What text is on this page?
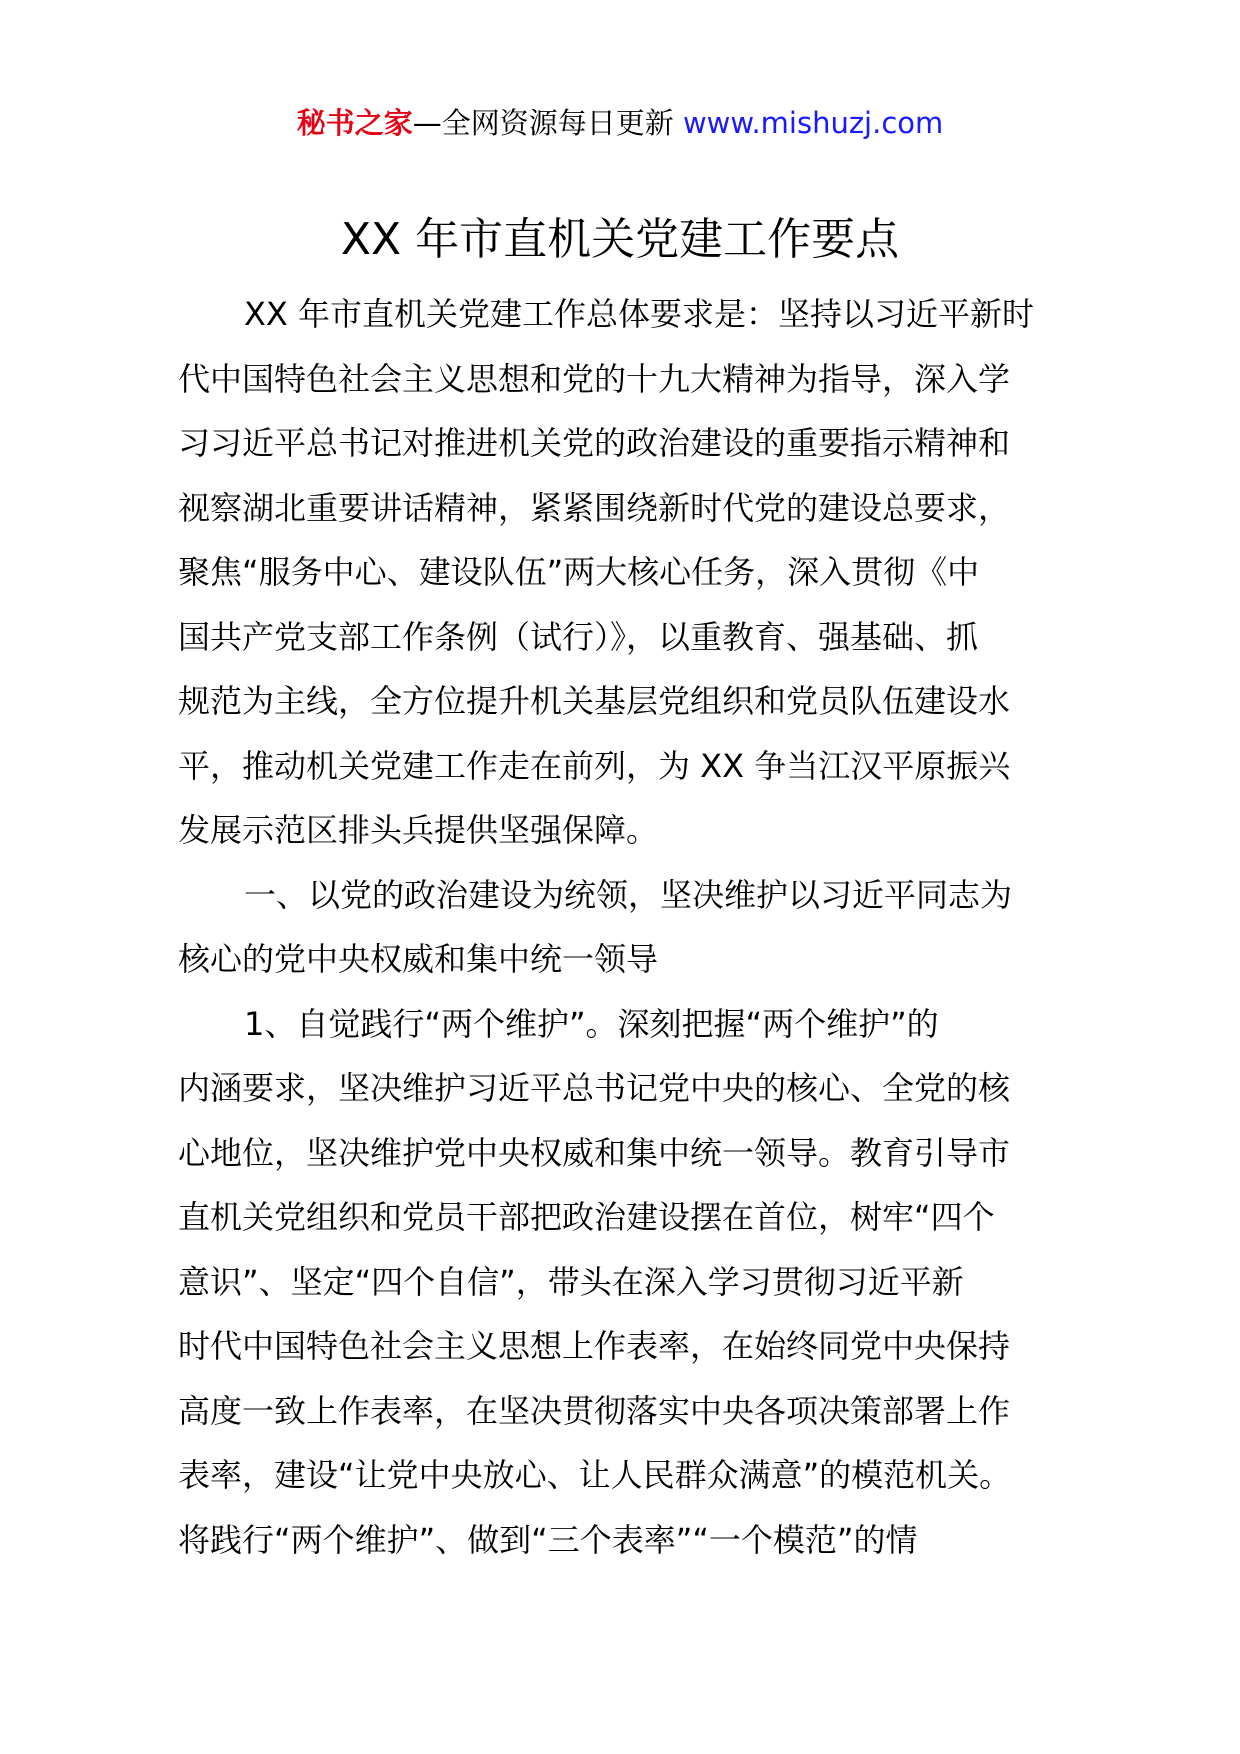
秘书之家—全网资源每日更新 www.mishuzj.com
XX 年市直机关党建工作要点
XX 年市直机关党建工作总体要求是：坚持以习近平新时
代中国特色社会主义思想和党的十九大精神为指导，深入学
习习近平总书记对推进机关党的政治建设的重要指示精神和
视察湖北重要讲话精神，紧紧围绕新时代党的建设总要求，
聚焦“服务中心、建设队伍”两大核心任务，深入贯彻《中
国共产党支部工作条例（试行）》，以重教育、强基础、抓
规范为主线，全方位提升机关基层党组织和党员队伍建设水
平，推动机关党建工作走在前列，为 XX 争当江汉平原振兴
发展示范区排头兵提供坚强保障。
一、以党的政治建设为统领，坚决维护以习近平同志为
核心的党中央权威和集中统一领导
1、自觉践行“两个维护”。深刻把握“两个维护”的
内涵要求，坚决维护习近平总书记党中央的核心、全党的核
心地位，坚决维护党中央权威和集中统一领导。教育引导市
直机关党组织和党员干部把政治建设摆在首位，树牢“四个
意识”、坚定“四个自信”，带头在深入学习贯彻习近平新
时代中国特色社会主义思想上作表率，在始终同党中央保持
高度一致上作表率，在坚决贯彻落实中央各项决策部署上作
表率，建设“让党中央放心、让人民群众满意”的模范机关。
将践行“两个维护”、做到“三个表率”“一个模范”的情
